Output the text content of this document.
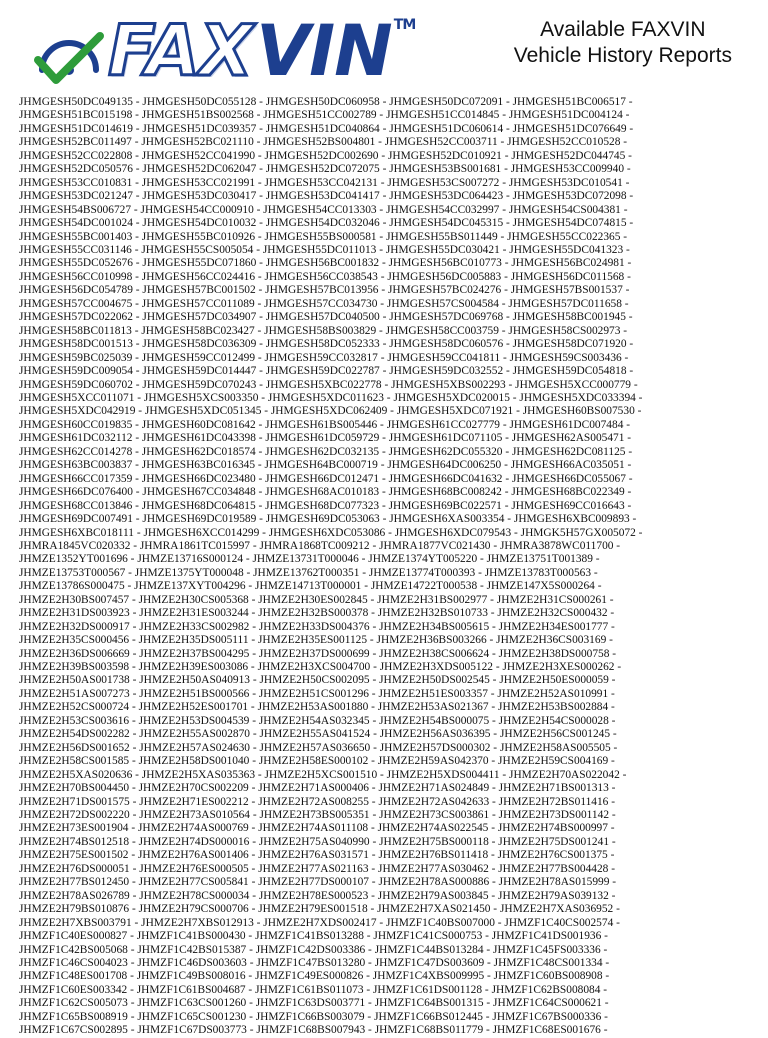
FAX VIN TM	Available FAXVIN
Vehicle History Reports
JHMGESH50DC049135 - JHMGESH50DC055128 - JHMGESH50DC060958 - JHMGESH50DC072091 - JHMGESH51BC006517 -
JHMGESH51BC015198 - JHMGESH51BS002568 - JHMGESH51CC002789 - JHMGESH51CC014845 - JHMGESH51DC004124 -
JHMGESH51DC014619 - JHMGESH51DC039357 - JHMGESH51DC040864 - JHMGESH51DC060614 - JHMGESH51DC076649 -
JHMGESH52BC011497 - JHMGESH52BC021110 - JHMGESH52BS004801 - JHMGESH52CC003711 - JHMGESH52CC010528 -
JHMGESH52CC022808 - JHMGESH52CC041990 - JHMGESH52DC002690 - JHMGESH52DC010921 - JHMGESH52DC044745 -
JHMGESH52DC050576 - JHMGESH52DC062047 - JHMGESH52DC072075 - JHMGESH53BS001681 - JHMGESH53CC009940 -
JHMGESH53CC010831 - JHMGESH53CC021991 - JHMGESH53CC042131 - JHMGESH53CS007272 - JHMGESH53DC010541 -
JHMGESH53DC021247 - JHMGESH53DC030417 - JHMGESH53DC041417 - JHMGESH53DC064423 - JHMGESH53DC072098 -
JHMGESH54BS006727 - JHMGESH54CC000910 - JHMGESH54CC013303 - JHMGESH54CC032997 - JHMGESH54CS004381 -
JHMGESH54DC001024 - JHMGESH54DC010032 - JHMGESH54DC032046 - JHMGESH54DC045315 - JHMGESH54DC074815 -
JHMGESH55BC001403 - JHMGESH55BC010926 - JHMGESH55BS000581 - JHMGESH55BS011449 - JHMGESH55CC022365 -
JHMGESH55CC031146 - JHMGESH55CS005054 - JHMGESH55DC011013 - JHMGESH55DC030421 - JHMGESH55DC041323 -
JHMGESH55DC052676 - JHMGESH55DC071860 - JHMGESH56BC001832 - JHMGESH56BC010773 - JHMGESH56BC024981 -
JHMGESH56CC010998 - JHMGESH56CC024416 - JHMGESH56CC038543 - JHMGESH56DC005883 - JHMGESH56DC011568 -
JHMGESH56DC054789 - JHMGESH57BC001502 - JHMGESH57BC013956 - JHMGESH57BC024276 - JHMGESH57BS001537 -
JHMGESH57CC004675 - JHMGESH57CC011089 - JHMGESH57CC034730 - JHMGESH57CS004584 - JHMGESH57DC011658 -
JHMGESH57DC022062 - JHMGESH57DC034907 - JHMGESH57DC040500 - JHMGESH57DC069768 - JHMGESH58BC001945 -
JHMGESH58BC011813 - JHMGESH58BC023427 - JHMGESH58BS003829 - JHMGESH58CC003759 - JHMGESH58CS002973 -
JHMGESH58DC001513 - JHMGESH58DC036309 - JHMGESH58DC052333 - JHMGESH58DC060576 - JHMGESH58DC071920 -
JHMGESH59BC025039 - JHMGESH59CC012499 - JHMGESH59CC032817 - JHMGESH59CC041811 - JHMGESH59CS003436 -
JHMGESH59DC009054 - JHMGESH59DC014447 - JHMGESH59DC022787 - JHMGESH59DC032552 - JHMGESH59DC054818 -
JHMGESH59DC060702 - JHMGESH59DC070243 - JHMGESH5XBC022778 - JHMGESH5XBS002293 - JHMGESH5XCC000779 -
JHMGESH5XCC011071 - JHMGESH5XCS003350 - JHMGESH5XDC011623 - JHMGESH5XDC020015 - JHMGESH5XDC033394 -
JHMGESH5XDC042919 - JHMGESH5XDC051345 - JHMGESH5XDC062409 - JHMGESH5XDC071921 - JHMGESH60BS007530 -
JHMGESH60CC019835 - JHMGESH60DC081642 - JHMGESH61BS005446 - JHMGESH61CC027779 - JHMGESH61DC007484 -
JHMGESH61DC032112 - JHMGESH61DC043398 - JHMGESH61DC059729 - JHMGESH61DC071105 - JHMGESH62AS005471 -
JHMGESH62CC014278 - JHMGESH62DC018574 - JHMGESH62DC032135 - JHMGESH62DC055320 - JHMGESH62DC081125 -
JHMGESH63BC003837 - JHMGESH63BC016345 - JHMGESH64BC000719 - JHMGESH64DC006250 - JHMGESH66AC035051 -
JHMGESH66CC017359 - JHMGESH66DC023480 - JHMGESH66DC012471 - JHMGESH66DC041632 - JHMGESH66DC055067 -
JHMGESH66DC076400 - JHMGESH67CC034848 - JHMGESH68AC010183 - JHMGESH68BC008242 - JHMGESH68BC022349 -
JHMGESH68CC013846 - JHMGESH68DC064815 - JHMGESH68DC077323 - JHMGESH69BC022571 - JHMGESH69CC016643 -
JHMGESH69DC007491 - JHMGESH69DC019589 - JHMGESH69DC053063 - JHMGESH6XAS003354 - JHMGESH6XBC009893 -
JHMGESH6XBC018111 - JHMGESH6XCC014299 - JHMGESH6XDC053086 - JHMGESH6XDC079543 - JHMGK5H57GX005072 -
JHMRA1845VC020332 - JHMRA1861TC015997 - JHMRA1868TC009212 - JHMRA1877VC021430 - JHMRA3878WC011700 -
JHMZE1352YT001696 - JHMZE13716S000124 - JHMZE13731T000046 - JHMZE1374YT005220 - JHMZE13751T001389 -
JHMZE13753T000567 - JHMZE1375YT000048 - JHMZE13762T000351 - JHMZE13774T000393 - JHMZE13783T000563 -
JHMZE13786S000475 - JHMZE137XYT004296 - JHMZE14713T000001 - JHMZE14722T000538 - JHMZE147X5S000264 -
JHMZE2H30BS007457 - JHMZE2H30CS005368 - JHMZE2H30ES002845 - JHMZE2H31BS002977 - JHMZE2H31CS000261 -
JHMZE2H31DS003923 - JHMZE2H31ES003244 - JHMZE2H32BS000378 - JHMZE2H32BS010733 - JHMZE2H32CS000432 -
JHMZE2H32DS000917 - JHMZE2H33CS002982 - JHMZE2H33DS004376 - JHMZE2H34BS005615 - JHMZE2H34ES001777 -
JHMZE2H35CS000456 - JHMZE2H35DS005111 - JHMZE2H35ES001125 - JHMZE2H36BS003266 - JHMZE2H36CS003169 -
JHMZE2H36DS006669 - JHMZE2H37BS004295 - JHMZE2H37DS000699 - JHMZE2H38CS006624 - JHMZE2H38DS000758 -
JHMZE2H39BS003598 - JHMZE2H39ES003086 - JHMZE2H3XCS004700 - JHMZE2H3XDS005122 - JHMZE2H3XES000262 -
JHMZE2H50AS001738 - JHMZE2H50AS040913 - JHMZE2H50CS002095 - JHMZE2H50DS002545 - JHMZE2H50ES000059 -
JHMZE2H51AS007273 - JHMZE2H51BS000566 - JHMZE2H51CS001296 - JHMZE2H51ES003357 - JHMZE2H52AS010991 -
JHMZE2H52CS000724 - JHMZE2H52ES001701 - JHMZE2H53AS001880 - JHMZE2H53AS021367 - JHMZE2H53BS002884 -
JHMZE2H53CS003616 - JHMZE2H53DS004539 - JHMZE2H54AS032345 - JHMZE2H54BS000075 - JHMZE2H54CS000028 -
JHMZE2H54DS002282 - JHMZE2H55AS002870 - JHMZE2H55AS041524 - JHMZE2H56AS036395 - JHMZE2H56CS001245 -
JHMZE2H56DS001652 - JHMZE2H57AS024630 - JHMZE2H57AS036650 - JHMZE2H57DS000302 - JHMZE2H58AS005505 -
JHMZE2H58CS001585 - JHMZE2H58DS001040 - JHMZE2H58ES000102 - JHMZE2H59AS042370 - JHMZE2H59CS004169 -
JHMZE2H5XAS020636 - JHMZE2H5XAS035363 - JHMZE2H5XCS001510 - JHMZE2H5XDS004411 - JHMZE2H70AS022042 -
JHMZE2H70BS004450 - JHMZE2H70CS002209 - JHMZE2H71AS000406 - JHMZE2H71AS024849 - JHMZE2H71BS001313 -
JHMZE2H71DS001575 - JHMZE2H71ES002212 - JHMZE2H72AS008255 - JHMZE2H72AS042633 - JHMZE2H72BS011416 -
JHMZE2H72DS002220 - JHMZE2H73AS010564 - JHMZE2H73BS005351 - JHMZE2H73CS003861 - JHMZE2H73DS001142 -
JHMZE2H73ES001904 - JHMZE2H74AS000769 - JHMZE2H74AS011108 - JHMZE2H74AS022545 - JHMZE2H74BS000997 -
JHMZE2H74BS012518 - JHMZE2H74DS000016 - JHMZE2H75AS040990 - JHMZE2H75BS000118 - JHMZE2H75DS001241 -
JHMZE2H75ES001502 - JHMZE2H76AS001406 - JHMZE2H76AS031571 - JHMZE2H76BS011418 - JHMZE2H76CS001375 -
JHMZE2H76DS000051 - JHMZE2H76ES000505 - JHMZE2H77AS021163 - JHMZE2H77AS030462 - JHMZE2H77BS004428 -
JHMZE2H77BS012450 - JHMZE2H77CS005841 - JHMZE2H77DS000107 - JHMZE2H78AS000886 - JHMZE2H78AS015999 -
JHMZE2H78AS026789 - JHMZE2H78CS000034 - JHMZE2H78ES000523 - JHMZE2H79AS003845 - JHMZE2H79AS039132 -
JHMZE2H79BS010876 - JHMZE2H79CS000706 - JHMZE2H79ES001518 - JHMZE2H7XAS021450 - JHMZE2H7XAS036952 -
JHMZE2H7XBS003791 - JHMZE2H7XBS012913 - JHMZE2H7XDS002417 - JHMZF1C40BS007000 - JHMZF1C40CS002574 -
JHMZF1C40ES000827 - JHMZF1C41BS000430 - JHMZF1C41BS013288 - JHMZF1C41CS000753 - JHMZF1C41DS001936 -
JHMZF1C42BS005068 - JHMZF1C42BS015387 - JHMZF1C42DS003386 - JHMZF1C44BS013284 - JHMZF1C45FS003336 -
JHMZF1C46CS004023 - JHMZF1C46DS003603 - JHMZF1C47BS013280 - JHMZF1C47DS003609 - JHMZF1C48CS001334 -
JHMZF1C48ES001708 - JHMZF1C49BS008016 - JHMZF1C49ES000826 - JHMZF1C4XBS009995 - JHMZF1C60BS008908 -
JHMZF1C60ES003342 - JHMZF1C61BS004687 - JHMZF1C61BS011073 - JHMZF1C61DS001128 - JHMZF1C62BS008084 -
JHMZF1C62CS005073 - JHMZF1C63CS001260 - JHMZF1C63DS003771 - JHMZF1C64BS001315 - JHMZF1C64CS000621 -
JHMZF1C65BS008919 - JHMZF1C65CS001230 - JHMZF1C66BS003079 - JHMZF1C66BS012445 - JHMZF1C67BS000336 -
JHMZF1C67CS002895 - JHMZF1C67DS003773 - JHMZF1C68BS007943 - JHMZF1C68BS011779 - JHMZF1C68ES001676 -
